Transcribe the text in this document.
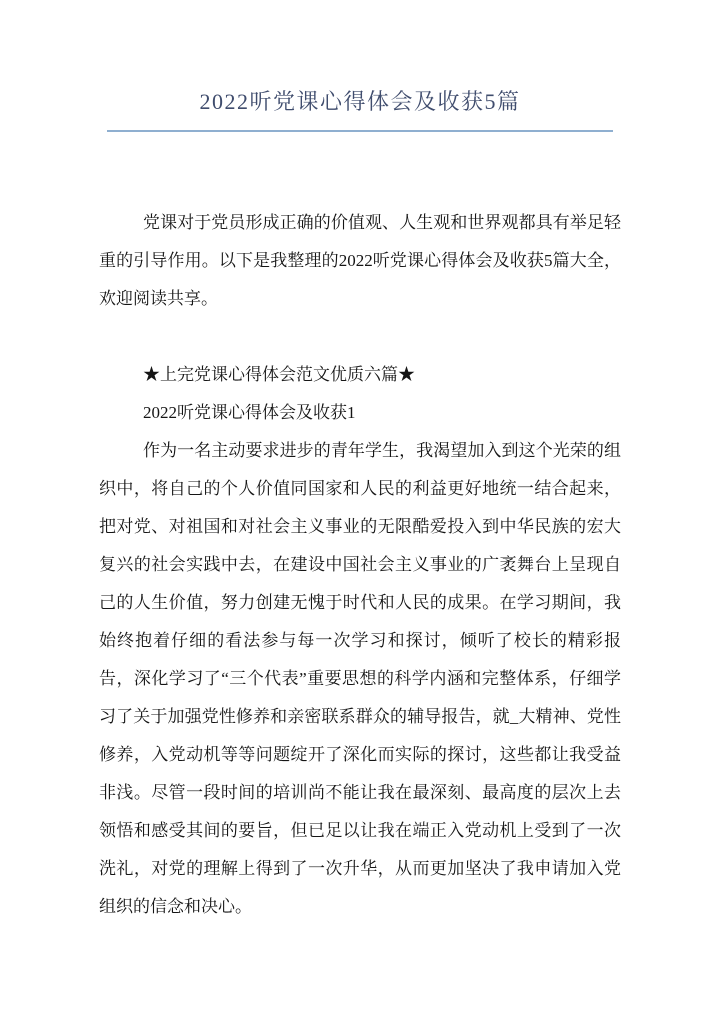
2022听党课心得体会及收获5篇

党课对于党员形成正确的价值观、人生观和世界观都具有举足轻重的引导作用。以下是我整理的2022听党课心得体会及收获5篇大全，欢迎阅读共享。

★上完党课心得体会范文优质六篇★

2022听党课心得体会及收获1

作为一名主动要求进步的青年学生，我渴望加入到这个光荣的组织中，将自己的个人价值同国家和人民的利益更好地统一结合起来，把对党、对祖国和对社会主义事业的无限酷爱投入到中华民族的宏大复兴的社会实践中去，在建设中国社会主义事业的广袤舞台上呈现自己的人生价值，努力创建无愧于时代和人民的成果。在学习期间，我始终抱着仔细的看法参与每一次学习和探讨，倾听了校长的精彩报告，深化学习了“三个代表”重要思想的科学内涵和完整体系，仔细学习了关于加强党性修养和亲密联系群众的辅导报告，就_大精神、党性修养，入党动机等等问题绽开了深化而实际的探讨，这些都让我受益非浅。尽管一段时间的培训尚不能让我在最深刻、最高度的层次上去领悟和感受其间的要旨，但已足以让我在端正入党动机上受到了一次洗礼，对党的理解上得到了一次升华，从而更加坚决了我申请加入党组织的信念和决心。
